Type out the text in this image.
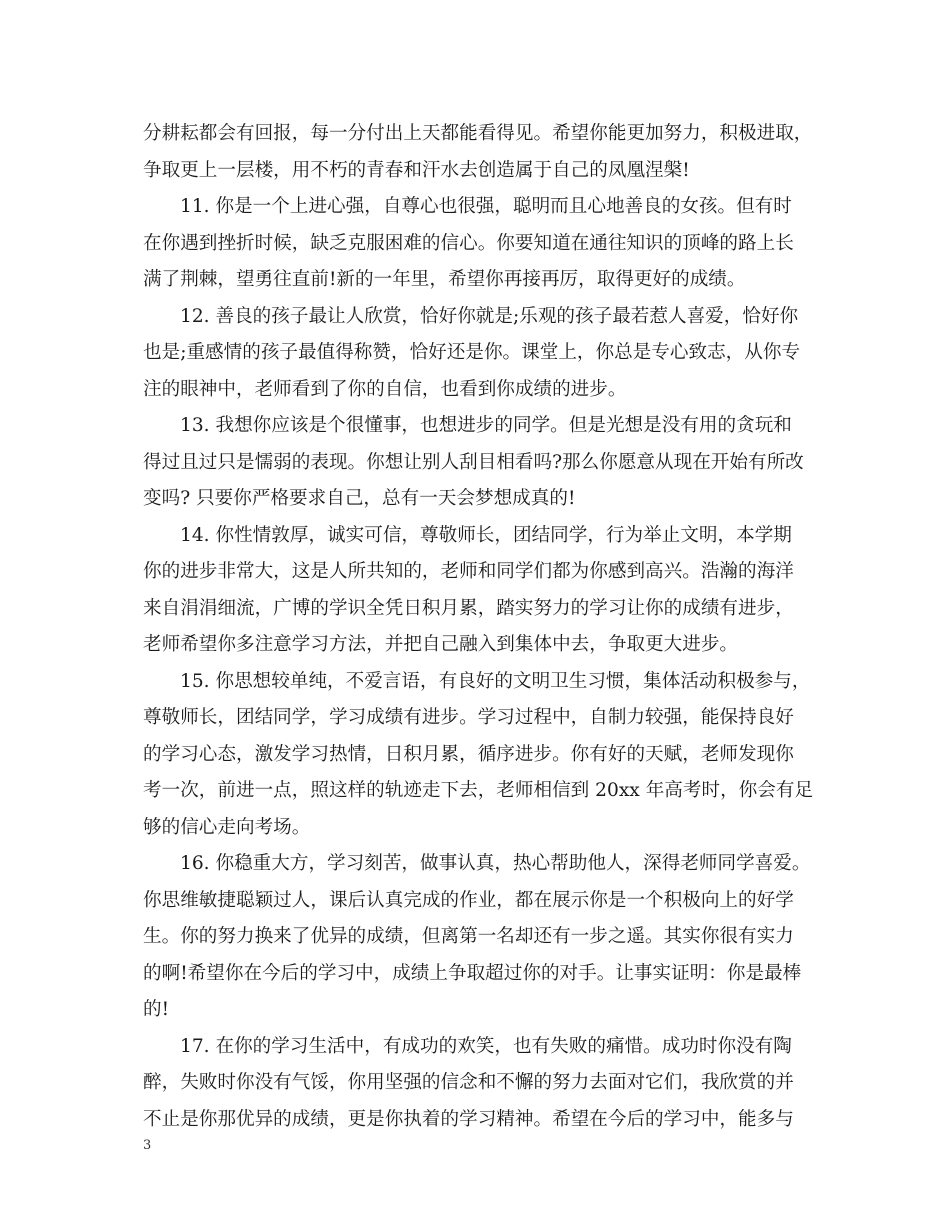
分耕耘都会有回报，每一分付出上天都能看得见。希望你能更加努力，积极进取，
争取更上一层楼，用不朽的青春和汗水去创造属于自己的凤凰涅槃!
11. 你是一个上进心强，自尊心也很强，聪明而且心地善良的女孩。但有时
在你遇到挫折时候，缺乏克服困难的信心。你要知道在通往知识的顶峰的路上长
满了荆棘，望勇往直前!新的一年里，希望你再接再厉，取得更好的成绩。
12. 善良的孩子最让人欣赏，恰好你就是;乐观的孩子最若惹人喜爱，恰好你
也是;重感情的孩子最值得称赞，恰好还是你。课堂上，你总是专心致志，从你专
注的眼神中，老师看到了你的自信，也看到你成绩的进步。
13. 我想你应该是个很懂事，也想进步的同学。但是光想是没有用的贪玩和
得过且过只是懦弱的表现。你想让别人刮目相看吗?那么你愿意从现在开始有所改
变吗? 只要你严格要求自己，总有一天会梦想成真的!
14. 你性情敦厚，诚实可信，尊敬师长，团结同学，行为举止文明，本学期
你的进步非常大，这是人所共知的，老师和同学们都为你感到高兴。浩瀚的海洋
来自涓涓细流，广博的学识全凭日积月累，踏实努力的学习让你的成绩有进步，
老师希望你多注意学习方法，并把自己融入到集体中去，争取更大进步。
15. 你思想较单纯，不爱言语，有良好的文明卫生习惯，集体活动积极参与，
尊敬师长，团结同学，学习成绩有进步。学习过程中，自制力较强，能保持良好
的学习心态，激发学习热情，日积月累，循序进步。你有好的天赋，老师发现你
考一次，前进一点，照这样的轨迹走下去，老师相信到 20xx 年高考时，你会有足
够的信心走向考场。
16. 你稳重大方，学习刻苦，做事认真，热心帮助他人，深得老师同学喜爱。
你思维敏捷聪颖过人，课后认真完成的作业，都在展示你是一个积极向上的好学
生。你的努力换来了优异的成绩，但离第一名却还有一步之遥。其实你很有实力
的啊!希望你在今后的学习中，成绩上争取超过你的对手。让事实证明：你是最棒
的!
17. 在你的学习生活中，有成功的欢笑，也有失败的痛惜。成功时你没有陶
醉，失败时你没有气馁，你用坚强的信念和不懈的努力去面对它们，我欣赏的并
不止是你那优异的成绩，更是你执着的学习精神。希望在今后的学习中，能多与
3
